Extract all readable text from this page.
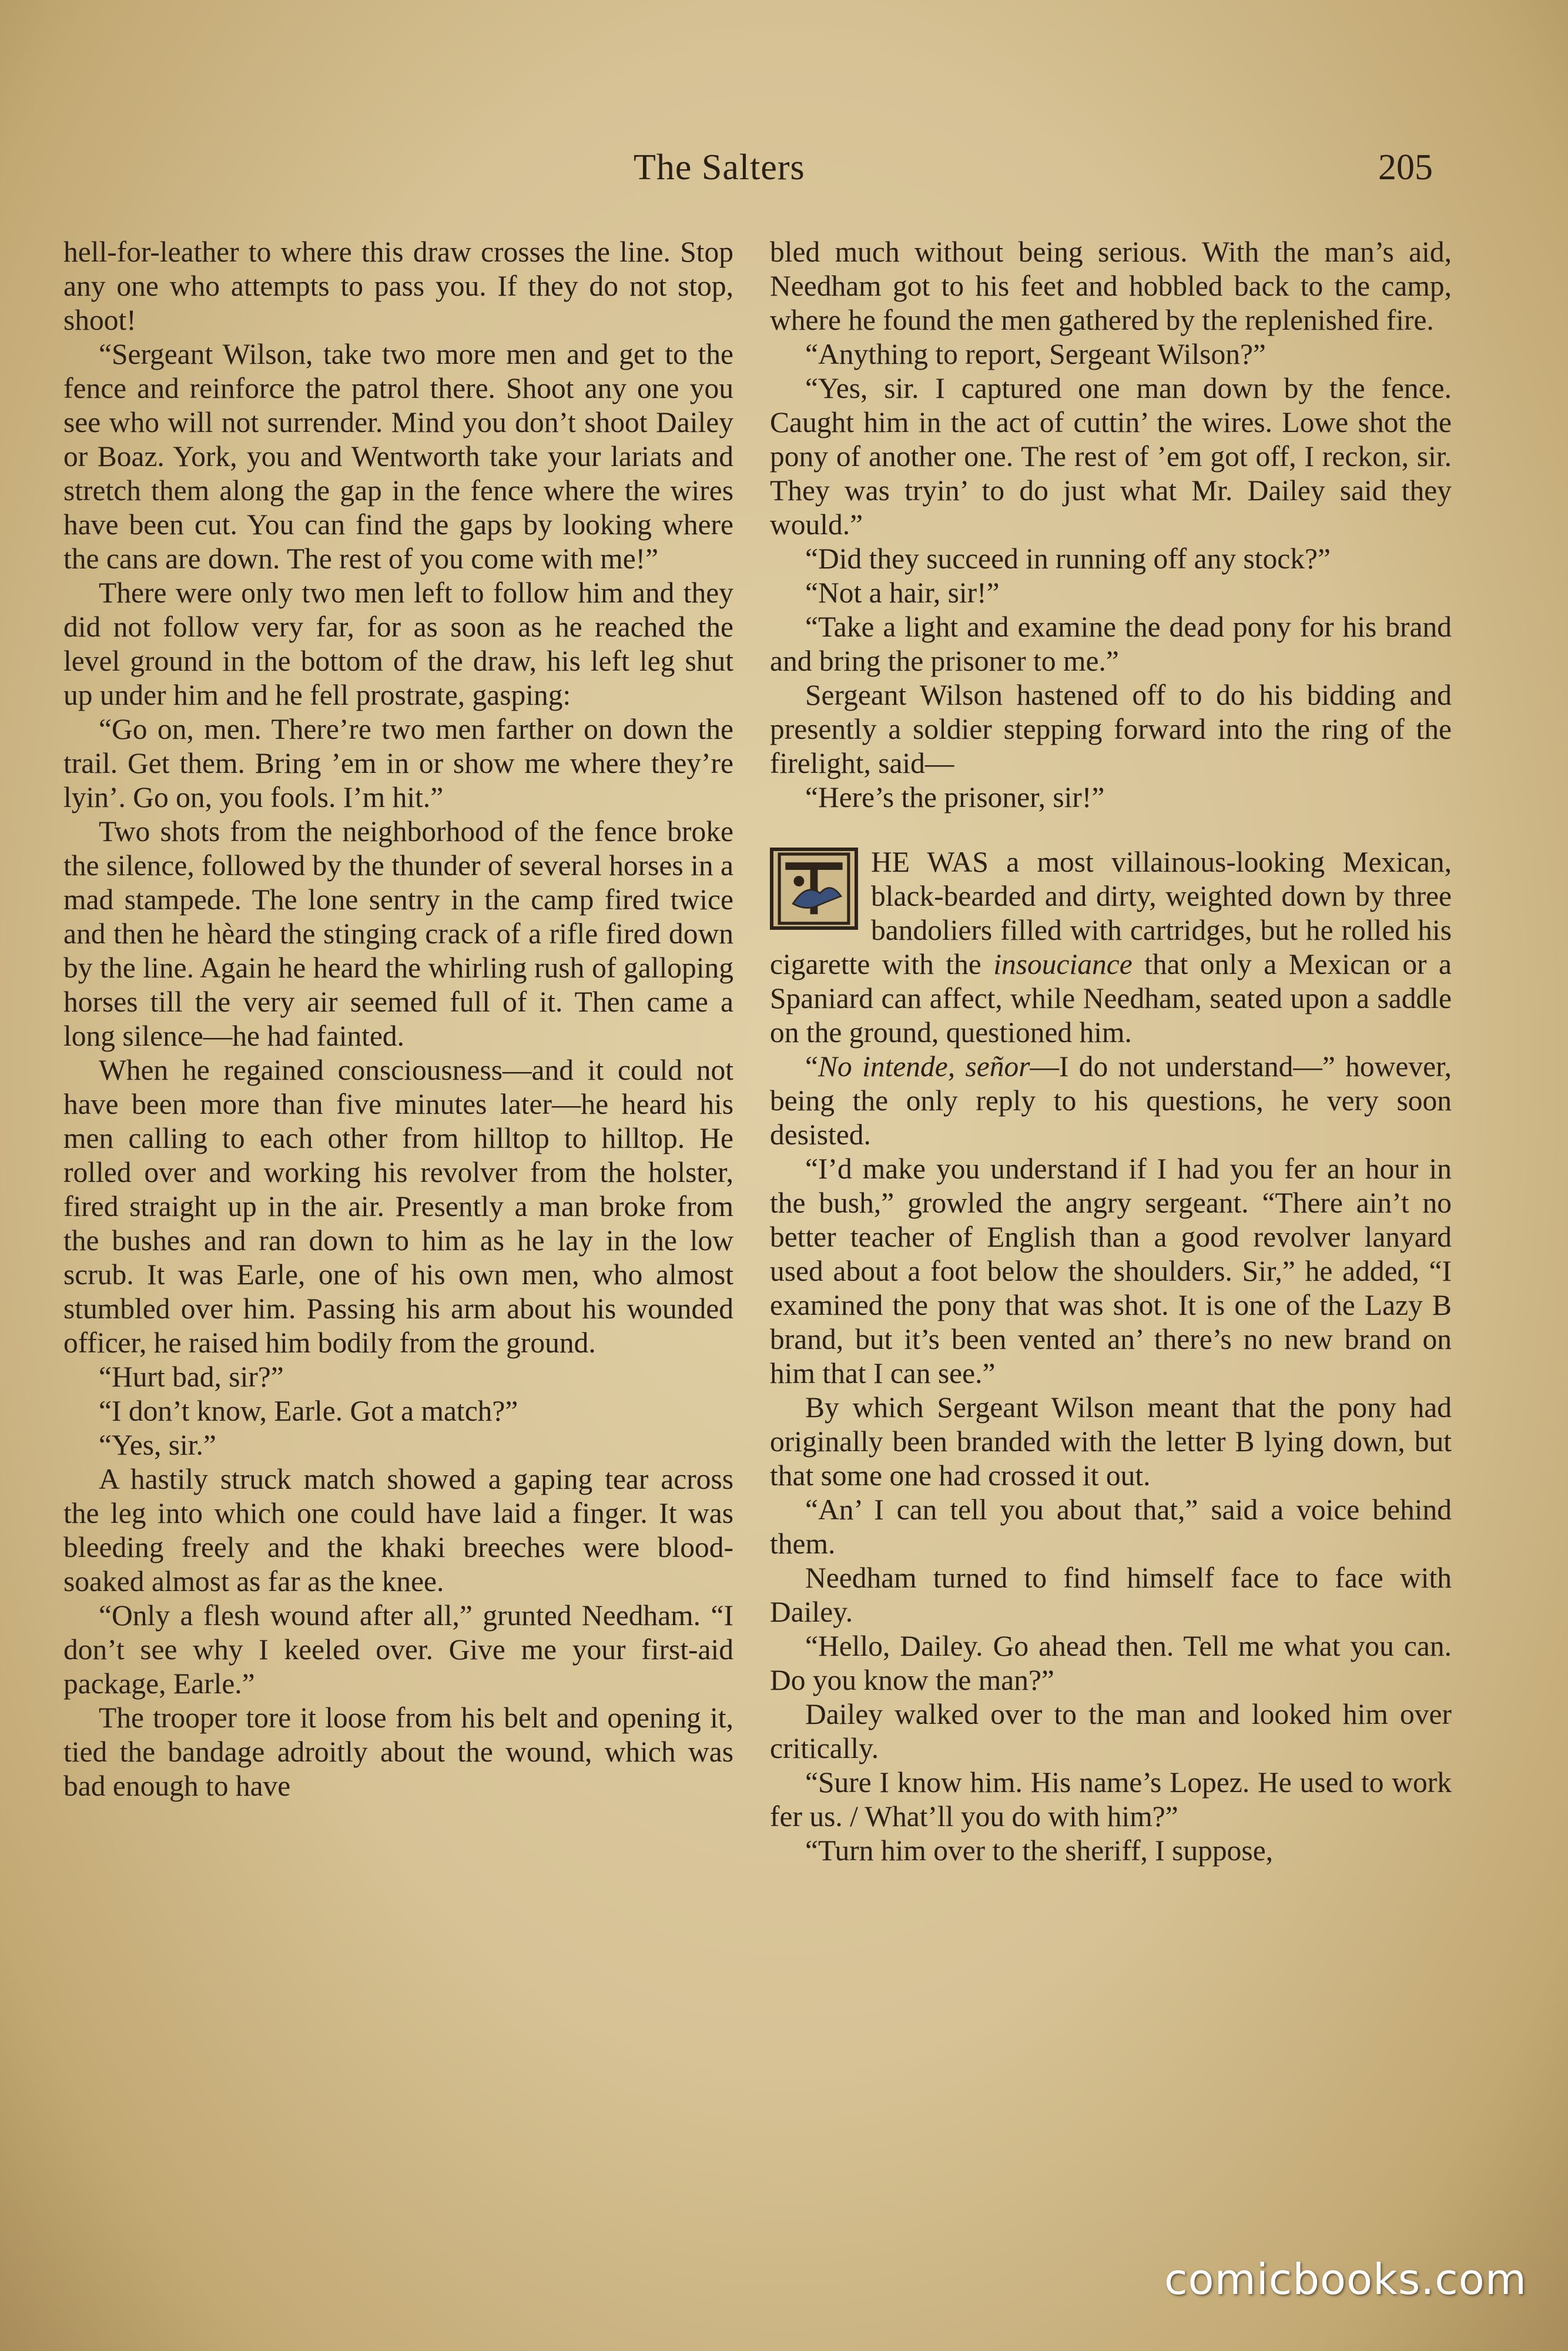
The Salters	205

hell-for-leather to where this draw crosses the line. Stop any one who attempts to pass you. If they do not stop, shoot!

“Sergeant Wilson, take two more men and get to the fence and reinforce the patrol there. Shoot any one you see who will not surrender. Mind you don’t shoot Dailey or Boaz. York, you and Wentworth take your lariats and stretch them along the gap in the fence where the wires have been cut. You can find the gaps by looking where the cans are down. The rest of you come with me!”

There were only two men left to follow him and they did not follow very far, for as soon as he reached the level ground in the bottom of the draw, his left leg shut up under him and he fell prostrate, gasping:

“Go on, men. There’re two men farther on down the trail. Get them. Bring ’em in or show me where they’re lyin’. Go on, you fools. I’m hit.”

Two shots from the neighborhood of the fence broke the silence, followed by the thunder of several horses in a mad stampede. The lone sentry in the camp fired twice and then he hèard the stinging crack of a rifle fired down by the line. Again he heard the whirling rush of galloping horses till the very air seemed full of it. Then came a long silence—he had fainted.

When he regained consciousness—and it could not have been more than five minutes later—he heard his men calling to each other from hilltop to hilltop. He rolled over and working his revolver from the holster, fired straight up in the air. Presently a man broke from the bushes and ran down to him as he lay in the low scrub. It was Earle, one of his own men, who almost stumbled over him. Passing his arm about his wounded officer, he raised him bodily from the ground.

“Hurt bad, sir?”

“I don’t know, Earle. Got a match?”

“Yes, sir.”

A hastily struck match showed a gaping tear across the leg into which one could have laid a finger. It was bleeding freely and the khaki breeches were blood-soaked almost as far as the knee.

“Only a flesh wound after all,” grunted Needham. “I don’t see why I keeled over. Give me your first-aid package, Earle.”

The trooper tore it loose from his belt and opening it, tied the bandage adroitly about the wound, which was bad enough to have

bled much without being serious. With the man’s aid, Needham got to his feet and hobbled back to the camp, where he found the men gathered by the replenished fire.

“Anything to report, Sergeant Wilson?”

“Yes, sir. I captured one man down by the fence. Caught him in the act of cuttin’ the wires. Lowe shot the pony of another one. The rest of ’em got off, I reckon, sir. They was tryin’ to do just what Mr. Dailey said they would.”

“Did they succeed in running off any stock?”

“Not a hair, sir!”

“Take a light and examine the dead pony for his brand and bring the prisoner to me.”

Sergeant Wilson hastened off to do his bidding and presently a soldier stepping forward into the ring of the firelight, said—

“Here’s the prisoner, sir!”

HE WAS a most villainous-looking Mexican, black-bearded and dirty, weighted down by three bandoliers filled with cartridges, but he rolled his cigarette with the insouciance that only a Mexican or a Spaniard can affect, while Needham, seated upon a saddle on the ground, questioned him.

“No intende, señor—I do not understand—” however, being the only reply to his questions, he very soon desisted.

“I’d make you understand if I had you fer an hour in the bush,” growled the angry sergeant. “There ain’t no better teacher of English than a good revolver lanyard used about a foot below the shoulders. Sir,” he added, “I examined the pony that was shot. It is one of the Lazy B brand, but it’s been vented an’ there’s no new brand on him that I can see.”

By which Sergeant Wilson meant that the pony had originally been branded with the letter B lying down, but that some one had crossed it out.

“An’ I can tell you about that,” said a voice behind them.

Needham turned to find himself face to face with Dailey.

“Hello, Dailey. Go ahead then. Tell me what you can. Do you know the man?”

Dailey walked over to the man and looked him over critically.

“Sure I know him. His name’s Lopez. He used to work fer us. / What’ll you do with him?”

“Turn him over to the sheriff, I suppose,

comicbooks.com
